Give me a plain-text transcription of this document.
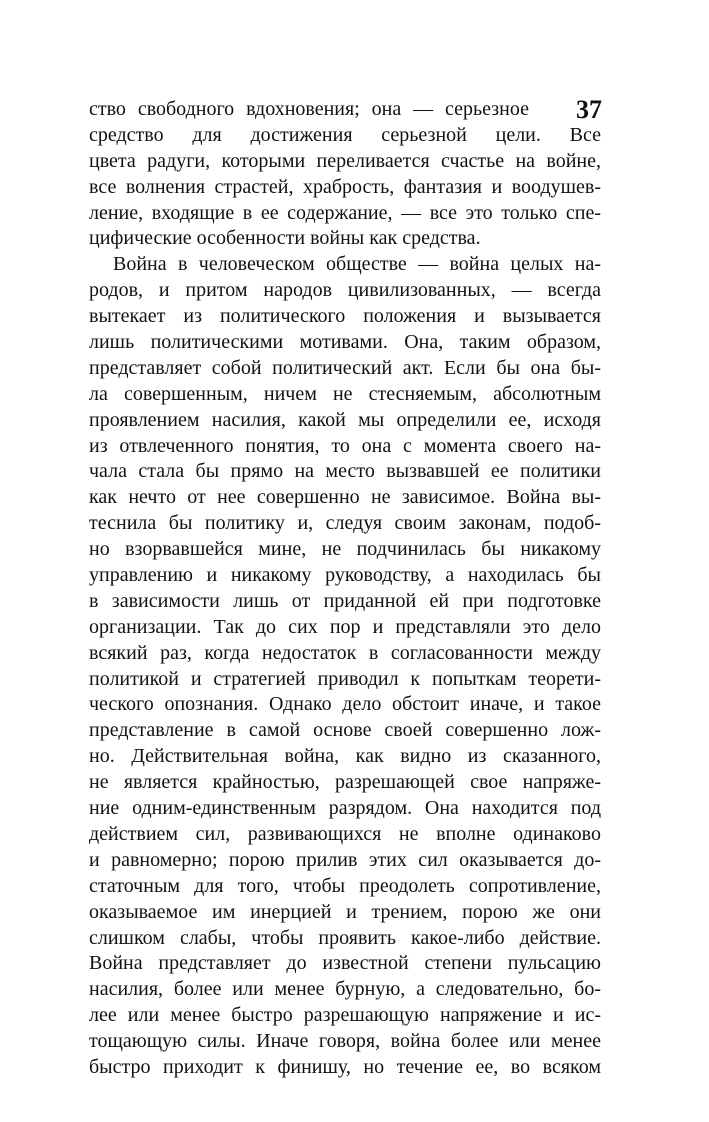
37
ство свободного вдохновения; она — серьезное
средство для достижения серьезной цели. Все
цвета радуги, которыми переливается счастье на войне,
все волнения страстей, храбрость, фантазия и воодушев-
ление, входящие в ее содержание, — все это только спе-
цифические особенности войны как средства.
Война в человеческом обществе — война целых на-
родов, и притом народов цивилизованных, — всегда
вытекает из политического положения и вызывается
лишь политическими мотивами. Она, таким образом,
представляет собой политический акт. Если бы она бы-
ла совершенным, ничем не стесняемым, абсолютным
проявлением насилия, какой мы определили ее, исходя
из отвлеченного понятия, то она с момента своего на-
чала стала бы прямо на место вызвавшей ее политики
как нечто от нее совершенно не зависимое. Война вы-
теснила бы политику и, следуя своим законам, подоб-
но взорвавшейся мине, не подчинилась бы никакому
управлению и никакому руководству, а находилась бы
в зависимости лишь от приданной ей при подготовке
организации. Так до сих пор и представляли это дело
всякий раз, когда недостаток в согласованности между
политикой и стратегией приводил к попыткам теорети-
ческого опознания. Однако дело обстоит иначе, и такое
представление в самой основе своей совершенно лож-
но. Действительная война, как видно из сказанного,
не является крайностью, разрешающей свое напряже-
ние одним-единственным разрядом. Она находится под
действием сил, развивающихся не вполне одинаково
и равномерно; порою прилив этих сил оказывается до-
статочным для того, чтобы преодолеть сопротивление,
оказываемое им инерцией и трением, порою же они
слишком слабы, чтобы проявить какое-либо действие.
Война представляет до известной степени пульсацию
насилия, более или менее бурную, а следовательно, бо-
лее или менее быстро разрешающую напряжение и ис-
тощающую силы. Иначе говоря, война более или менее
быстро приходит к финишу, но течение ее, во всяком
